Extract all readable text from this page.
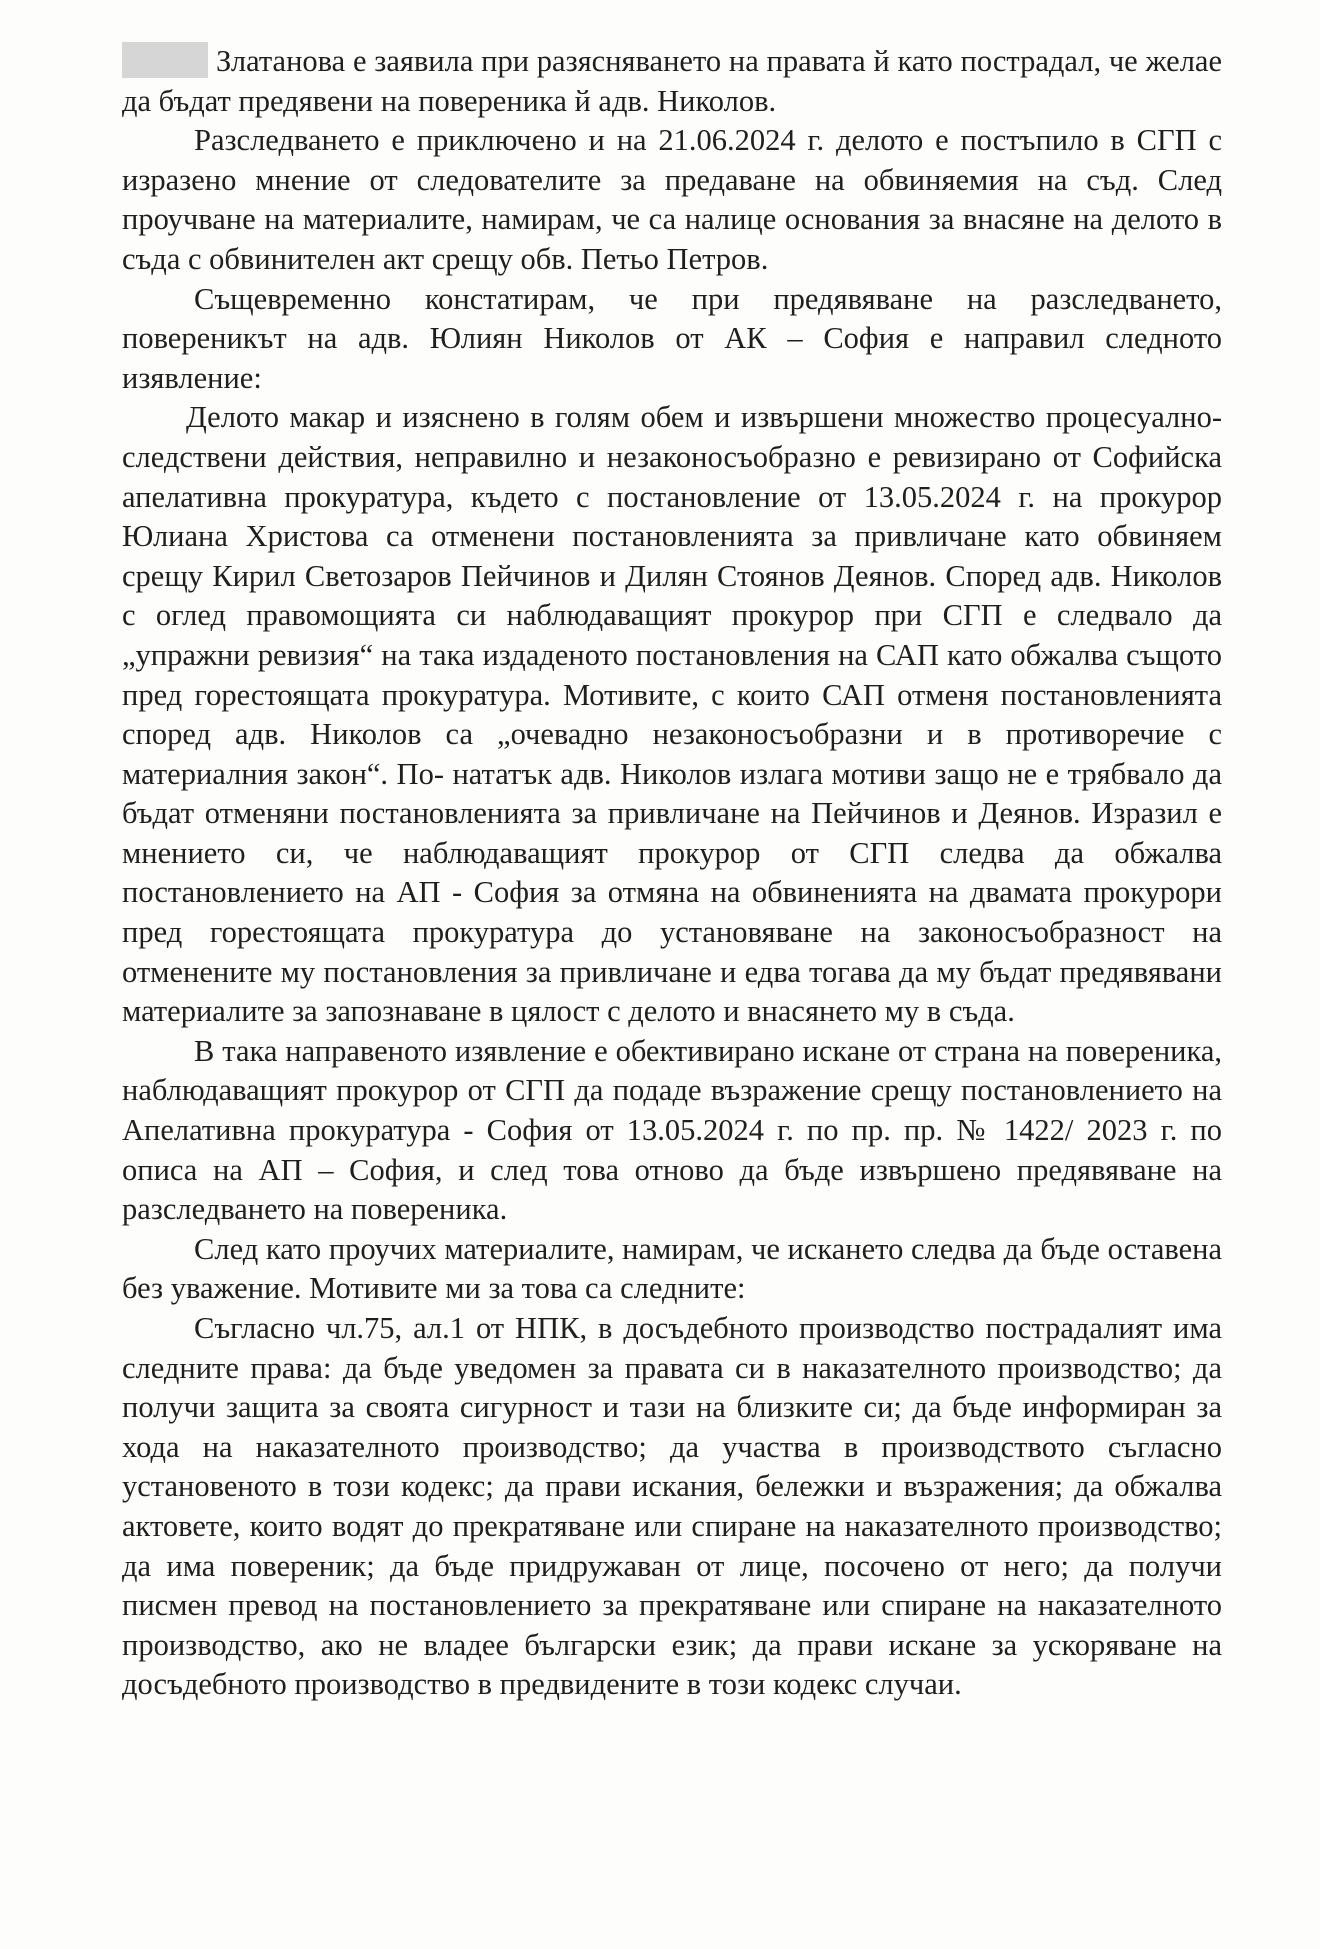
Златанова е заявила при разясняването на правата й като пострадал, че желае да бъдат предявени на повереника й адв. Николов.

Разследването е приключено и на 21.06.2024 г. делото е постъпило в СГП с изразено мнение от следователите за предаване на обвиняемия на съд. След проучване на материалите, намирам, че са налице основания за внасяне на делото в съда с обвинителен акт срещу обв. Петьо Петров.

Същевременно констатирам, че при предявяване на разследването, повереникът на адв. Юлиян Николов от АК – София е направил следното изявление:

Делото макар и изяснено в голям обем и извършени множество процесуално-следствени действия, неправилно и незаконосъобразно е ревизирано от Софийска апелативна прокуратура, където с постановление от 13.05.2024 г. на прокурор Юлиана Христова са отменени постановленията за привличане като обвиняем срещу Кирил Светозаров Пейчинов и Дилян Стоянов Деянов. Според адв. Николов с оглед правомощията си наблюдаващият прокурор при СГП е следвало да „упражни ревизия“ на така издаденото постановления на САП като обжалва същото пред горестоящата прокуратура. Мотивите, с които САП отменя постановленията според адв. Николов са „очевадно незаконосъобразни и в противоречие с материалния закон“. По- нататък адв. Николов излага мотиви защо не е трябвало да бъдат отменяни постановленията за привличане на Пейчинов и Деянов. Изразил е мнението си, че наблюдаващият прокурор от СГП следва да обжалва постановлението на АП - София за отмяна на обвиненията на двамата прокурори пред горестоящата прокуратура до установяване на законосъобразност на отменените му постановления за привличане и едва тогава да му бъдат предявявани материалите за запознаване в цялост с делото и внасянето му в съда.

В така направеното изявление е обективирано искане от страна на повереника, наблюдаващият прокурор от СГП да подаде възражение срещу постановлението на Апелативна прокуратура - София от 13.05.2024 г. по пр. пр. № 1422/ 2023 г. по описа на АП – София, и след това отново да бъде извършено предявяване на разследването на повереника.

След като проучих материалите, намирам, че искането следва да бъде оставена без уважение. Мотивите ми за това са следните:

Съгласно чл.75, ал.1 от НПК, в досъдебното производство пострадалият има следните права: да бъде уведомен за правата си в наказателното производство; да получи защита за своята сигурност и тази на близките си; да бъде информиран за хода на наказателното производство; да участва в производството съгласно установеното в този кодекс; да прави искания, бележки и възражения; да обжалва актовете, които водят до прекратяване или спиране на наказателното производство; да има повереник; да бъде придружаван от лице, посочено от него; да получи писмен превод на постановлението за прекратяване или спиране на наказателното производство, ако не владее български език; да прави искане за ускоряване на досъдебното производство в предвидените в този кодекс случаи.
